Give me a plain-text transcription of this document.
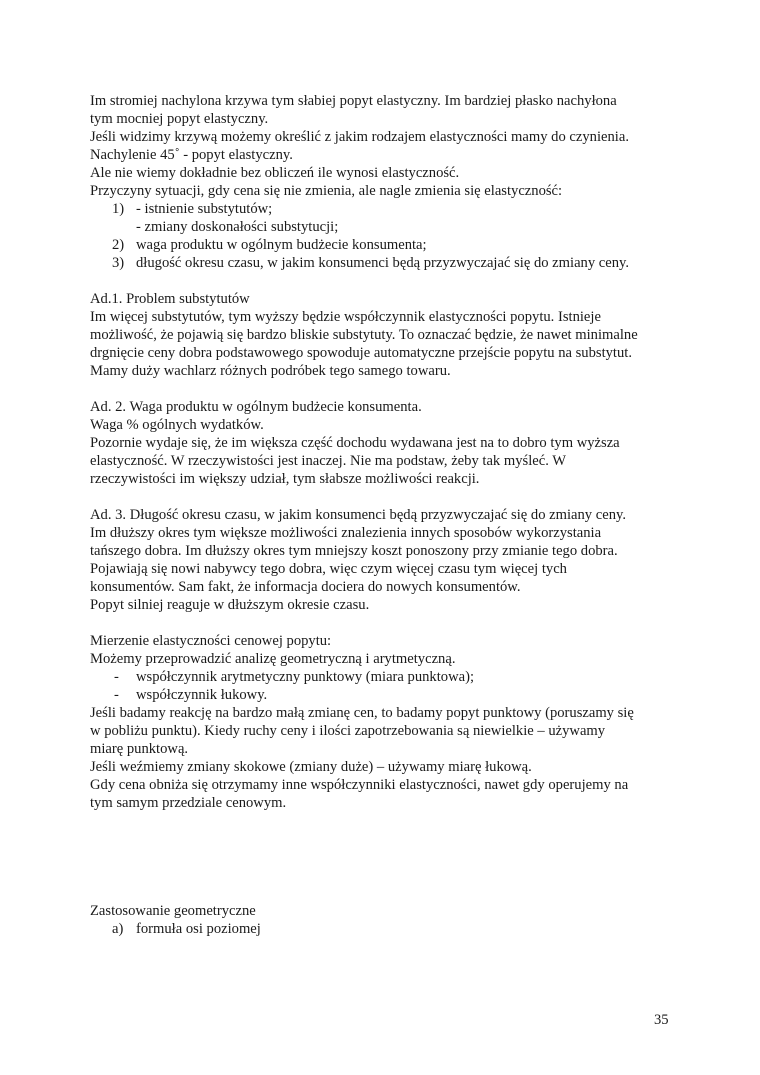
Im stromiej nachylona krzywa tym słabiej popyt elastyczny. Im bardziej płasko nachyłona
tym mocniej popyt elastyczny.
Jeśli widzimy krzywą możemy określić z jakim rodzajem elastyczności mamy do czynienia.
Nachylenie 45˚ - popyt elastyczny.
Ale nie wiemy dokładnie bez obliczeń ile wynosi elastyczność.
Przyczyny sytuacji, gdy cena się nie zmienia, ale nagle zmienia się elastyczność:
1) - istnienie substytutów;
- zmiany doskonałości substytucji;
2) waga produktu w ogólnym budżecie konsumenta;
3) długość okresu czasu, w jakim konsumenci będą przyzwyczajać się do zmiany ceny.
Ad.1. Problem substytutów
Im więcej substytutów, tym wyższy będzie współczynnik elastyczności popytu. Istnieje
możliwość, że pojawią się bardzo bliskie substytuty. To oznaczać będzie, że nawet minimalne
drgnięcie ceny dobra podstawowego spowoduje automatyczne przejście popytu na substytut.
Mamy duży wachlarz różnych podróbek tego samego towaru.
Ad. 2. Waga produktu w ogólnym budżecie konsumenta.
Waga % ogólnych wydatków.
Pozornie wydaje się, że im większa część dochodu wydawana jest na to dobro tym wyższa
elastyczność. W rzeczywistości jest inaczej. Nie ma podstaw, żeby tak myśleć. W
rzeczywistości im większy udział, tym słabsze możliwości reakcji.
Ad. 3. Długość okresu czasu, w jakim konsumenci będą przyzwyczajać się do zmiany ceny.
Im dłuższy okres tym większe możliwości znalezienia innych sposobów wykorzystania
tańszego dobra. Im dłuższy okres tym mniejszy koszt ponoszony przy zmianie tego dobra.
Pojawiają się nowi nabywcy tego dobra, więc czym więcej czasu tym więcej tych
konsumentów. Sam fakt, że informacja dociera do nowych konsumentów.
Popyt silniej reaguje w dłuższym okresie czasu.
Mierzenie elastyczności cenowej popytu:
Możemy przeprowadzić analizę geometryczną i arytmetyczną.
- współczynnik arytmetyczny punktowy (miara punktowa);
- współczynnik łukowy.
Jeśli badamy reakcję na bardzo małą zmianę cen, to badamy popyt punktowy (poruszamy się
w pobliżu punktu). Kiedy ruchy ceny i ilości zapotrzebowania są niewielkie – używamy
miarę punktową.
Jeśli weźmiemy zmiany skokowe (zmiany duże) – używamy miarę łukową.
Gdy cena obniża się otrzymamy inne współczynniki elastyczności, nawet gdy operujemy na
tym samym przedziale cenowym.
Zastosowanie geometryczne
a) formuła osi poziomej
35
